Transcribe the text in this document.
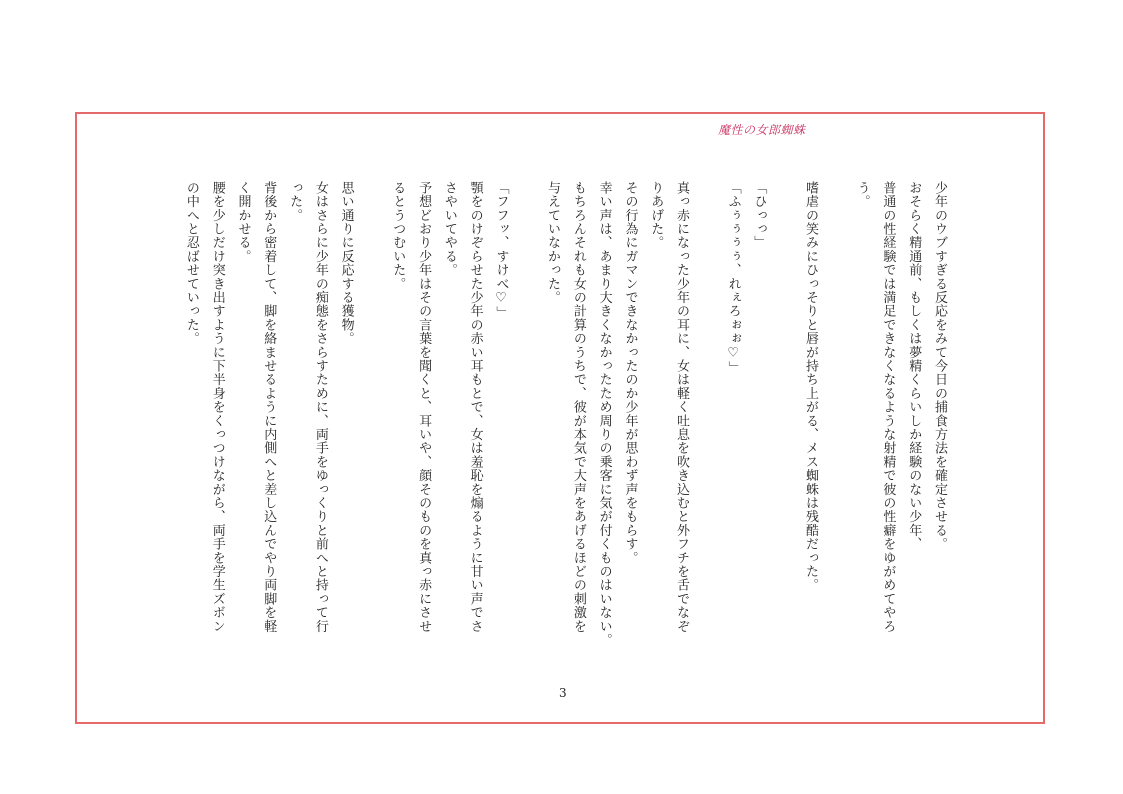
魔性の女郎蜘蛛
少年のウブすぎる反応をみて今日の捕食方法を確定させる。
おそらく精通前、もしくは夢精くらいしか経験のない少年、
普通の性経験では満足できなくなるような射精で彼の性癖をゆがめてやろ
う。
嗜虐の笑みにひっそりと唇が持ち上がる、メス蜘蛛は残酷だった。
「ひっっ」
「ふぅぅぅぅ、れぇろぉぉ♡」
真っ赤になった少年の耳に、女は軽く吐息を吹き込むと外フチを舌でなぞ
りあげた。
その行為にガマンできなかったのか少年が思わず声をもらす。
幸い声は、あまり大きくなかったため周りの乗客に気が付くものはいない。
もちろんそれも女の計算のうちで、彼が本気で大声をあげるほどの刺激を
与えていなかった。
「フフッ、すけべ♡」
顎をのけぞらせた少年の赤い耳もとで、女は羞恥を煽るように甘い声でさ
さやいてやる。
予想どおり少年はその言葉を聞くと、耳いや、顔そのものを真っ赤にさせ
るとうつむいた。
思い通りに反応する獲物。
女はさらに少年の痴態をさらすために、両手をゆっくりと前へと持って行
った。
背後から密着して、脚を絡ませるように内側へと差し込んでやり両脚を軽
く開かせる。
腰を少しだけ突き出すように下半身をくっつけながら、両手を学生ズボン
の中へと忍ばせていった。
3
